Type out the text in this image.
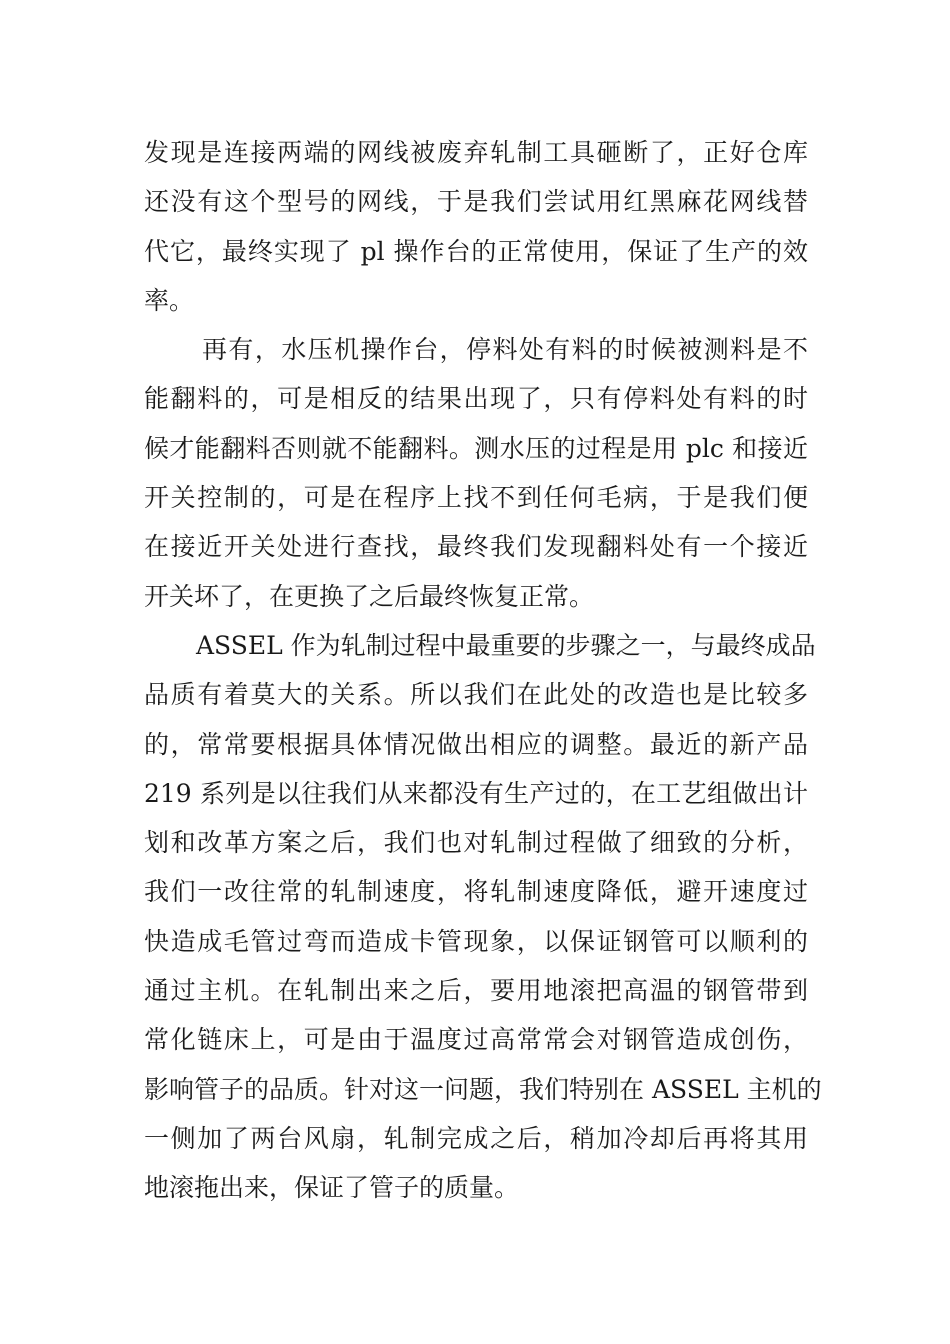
发现是连接两端的网线被废弃轧制工具砸断了，正好仓库
还没有这个型号的网线，于是我们尝试用红黑麻花网线替
代它，最终实现了 pl 操作台的正常使用，保证了生产的效
率。
再有，水压机操作台，停料处有料的时候被测料是不
能翻料的，可是相反的结果出现了，只有停料处有料的时
候才能翻料否则就不能翻料。测水压的过程是用 plc 和接近
开关控制的，可是在程序上找不到任何毛病，于是我们便
在接近开关处进行查找，最终我们发现翻料处有一个接近
开关坏了，在更换了之后最终恢复正常。
ASSEL 作为轧制过程中最重要的步骤之一，与最终成品
品质有着莫大的关系。所以我们在此处的改造也是比较多
的，常常要根据具体情况做出相应的调整。最近的新产品
219 系列是以往我们从来都没有生产过的，在工艺组做出计
划和改革方案之后，我们也对轧制过程做了细致的分析，
我们一改往常的轧制速度，将轧制速度降低，避开速度过
快造成毛管过弯而造成卡管现象，以保证钢管可以顺利的
通过主机。在轧制出来之后，要用地滚把高温的钢管带到
常化链床上，可是由于温度过高常常会对钢管造成创伤，
影响管子的品质。针对这一问题，我们特别在 ASSEL 主机的
一侧加了两台风扇，轧制完成之后，稍加冷却后再将其用
地滚拖出来，保证了管子的质量。
